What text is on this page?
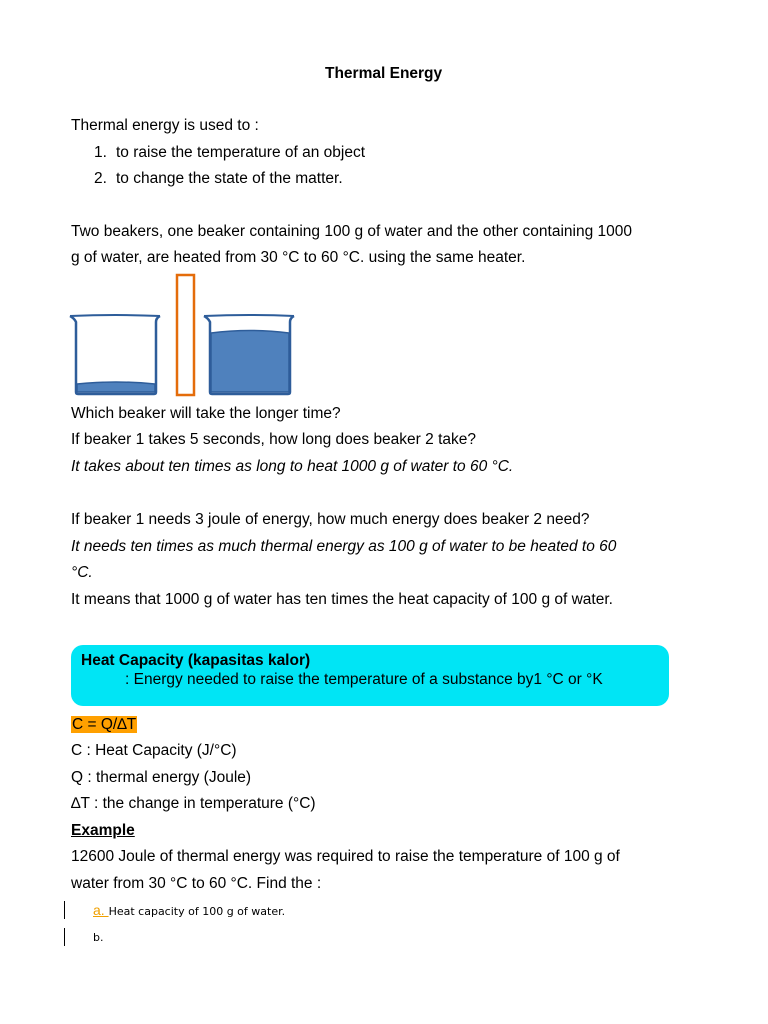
Thermal Energy
Thermal energy is used to :
1. to raise the temperature of an object
2. to change the state of the matter.
Two beakers, one beaker containing 100 g of water and the other containing 1000
g of water, are heated from 30 °C to 60 °C. using the same heater.
Which beaker will take the longer time?
If beaker 1 takes 5 seconds, how long does beaker 2 take?
It takes about ten times as long to heat 1000 g of water to 60 °C.
If beaker 1 needs 3 joule of energy, how much energy does beaker 2 need?
It needs ten times as much thermal energy as 100 g of water to be heated to 60
°C.
It means that 1000 g of water has ten times the heat capacity of 100 g of water.
Heat Capacity (kapasitas kalor)
: Energy needed to raise the temperature of a substance by1 °C or °K
C = Q/∆T
C : Heat Capacity (J/°C)
Q : thermal energy (Joule)
∆T : the change in temperature (°C)
Example
12600 Joule of thermal energy was required to raise the temperature of 100 g of
water from 30 °C to 60 °C. Find the :
a. Heat capacity of 100 g of water.
b.
